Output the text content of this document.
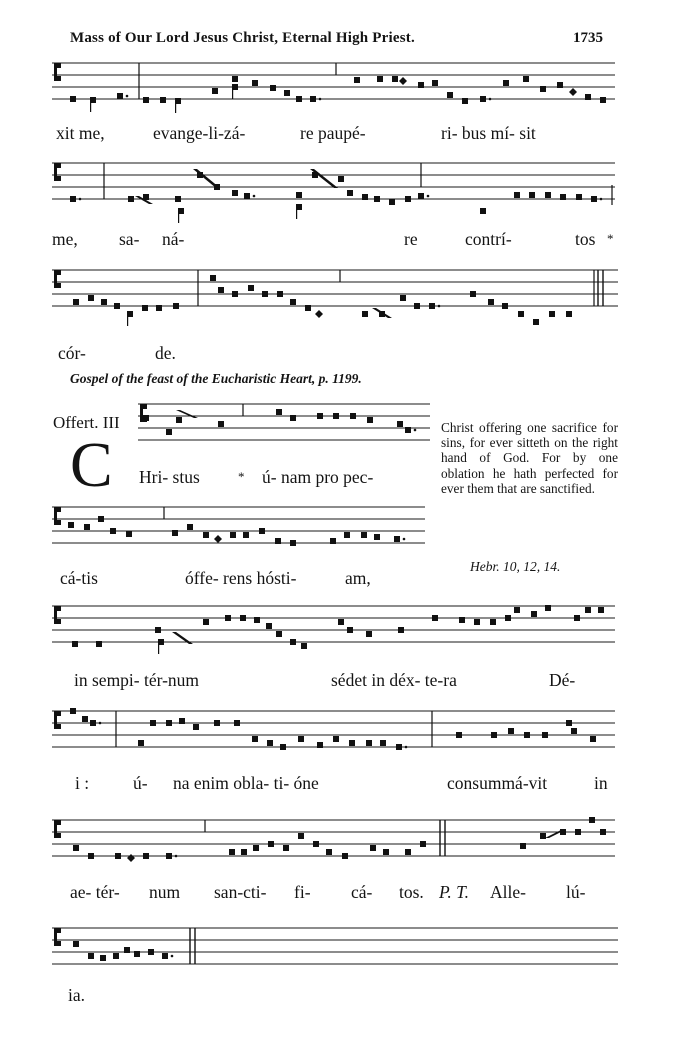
Mass of Our Lord Jesus Christ, Eternal High Priest.	1735
xit me,	evange-li-zá-	re paupé-	ri- bus mí- sit
me, sa- ná-	re	contrí-	tos *
cór-	de.
Gospel of the feast of the Eucharistic Heart, p. 1199.
Offert. III
C Hri- stus	* ú- nam pro pec-
Christ offering one sacrifice for sins, for ever sitteth on the right hand of God. For by one oblation he hath perfected for ever them that are sanctified.
Hebr. 10, 12, 14.
cá-tis	óffe- rens hósti-	am,
in sempi- tér-num	sédet in déx- te-ra	Dé-
i :	ú- na enim obla- ti- óne	consummá-vit	in
ae- tér- num san-cti- fi- cá- tos. P. T. Alle- lú-
ia.
